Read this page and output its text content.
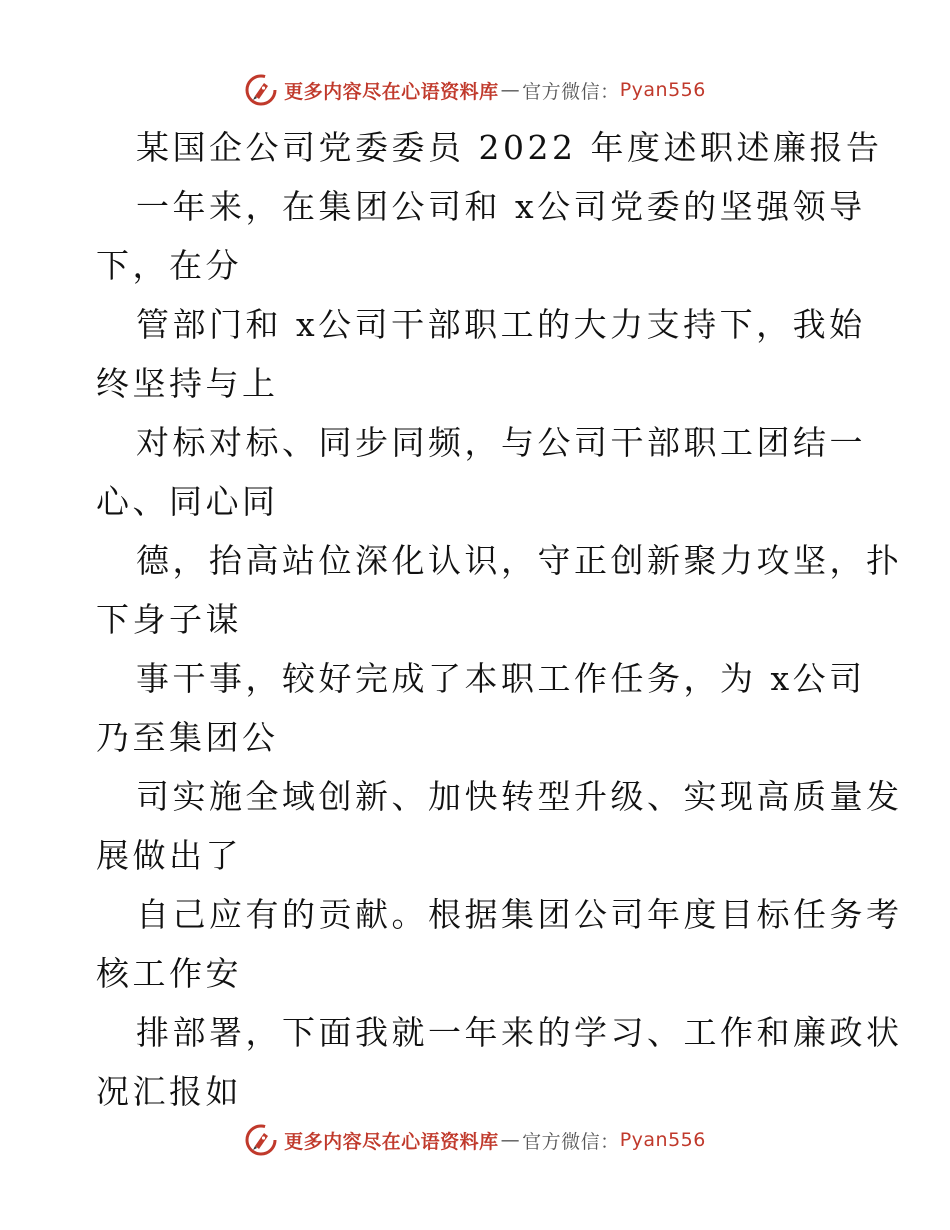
更多内容尽在心语资料库 — 官方微信： Pyan556

某国企公司党委委员 2022 年度述职述廉报告

一年来，在集团公司和 x公司党委的坚强领导

下，在分

管部门和 x公司干部职工的大力支持下，我始

终坚持与上

对标对标、同步同频，与公司干部职工团结一

心、同心同

德，抬高站位深化认识，守正创新聚力攻坚，扑

下身子谋

事干事，较好完成了本职工作任务，为 x公司

乃至集团公

司实施全域创新、加快转型升级、实现高质量发

展做出了

自己应有的贡献。根据集团公司年度目标任务考

核工作安

排部署，下面我就一年来的学习、工作和廉政状

况汇报如

更多内容尽在心语资料库 — 官方微信： Pyan556
